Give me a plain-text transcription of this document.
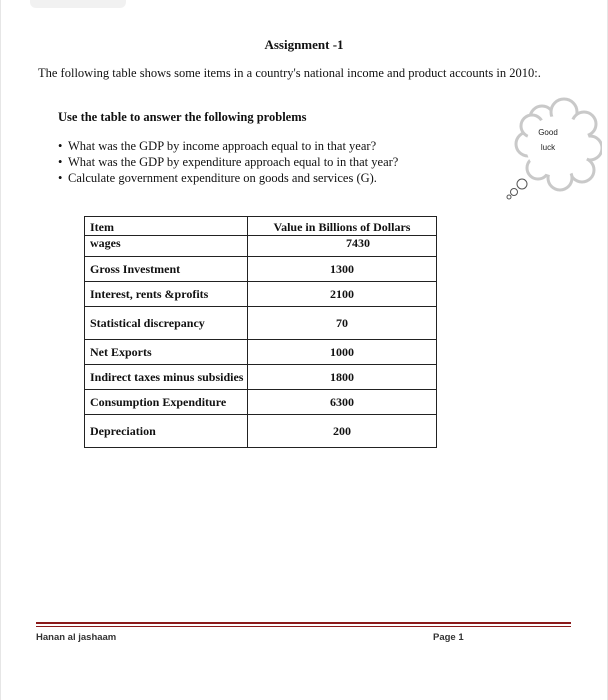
Assignment -1
The following table shows some items in a country's national income and product accounts in 2010:.
Use the table to answer the following problems
• What was the GDP by income approach equal to in that year?
• What was the GDP by expenditure approach equal to in that year?
• Calculate government expenditure on goods and services (G).
Good
luck
Item	Value in Billions of Dollars
wages	7430
Gross Investment	1300
Interest, rents &profits	2100
Statistical discrepancy	70
Net Exports	1000
Indirect taxes minus subsidies	1800
Consumption Expenditure	6300
Depreciation	200
Hanan al jashaam	Page 1
